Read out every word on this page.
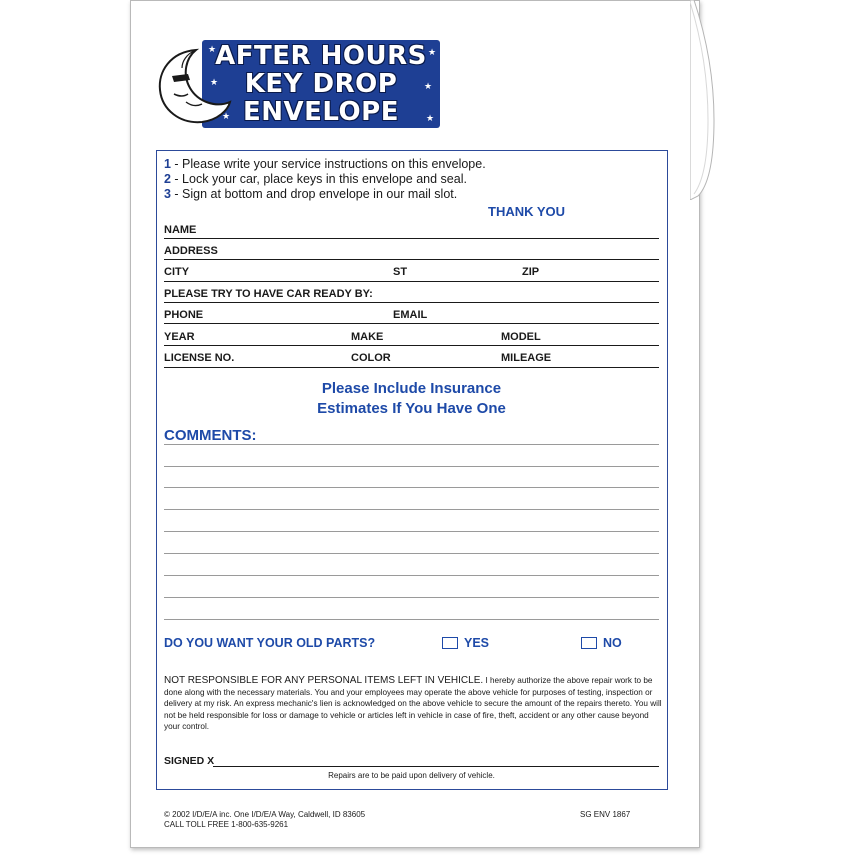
AFTER HOURS
KEY DROP
ENVELOPE
★	★
★	★
★	★
1 - Please write your service instructions on this envelope.
2 - Lock your car, place keys in this envelope and seal.
3 - Sign at bottom and drop envelope in our mail slot.
THANK YOU
NAME
ADDRESS
CITY	ST	ZIP
PLEASE TRY TO HAVE CAR READY BY:
PHONE	EMAIL
YEAR	MAKE	MODEL
LICENSE NO.	COLOR	MILEAGE
Please Include Insurance
Estimates If You Have One
COMMENTS:
DO YOU WANT YOUR OLD PARTS?	YES	NO
NOT RESPONSIBLE FOR ANY PERSONAL ITEMS LEFT IN VEHICLE. I hereby authorize the above repair work to be done along with the necessary materials. You and your employees may operate the above vehicle for purposes of testing, inspection or delivery at my risk. An express mechanic's lien is acknowledged on the above vehicle to secure the amount of the repairs thereto. You will not be held responsible for loss or damage to vehicle or articles left in vehicle in case of fire, theft, accident or any other cause beyond your control.
SIGNED X
Repairs are to be paid upon delivery of vehicle.
© 2002 I/D/E/A inc. One I/D/E/A Way, Caldwell, ID 83605
CALL TOLL FREE 1-800-635-9261
SG ENV 1867
